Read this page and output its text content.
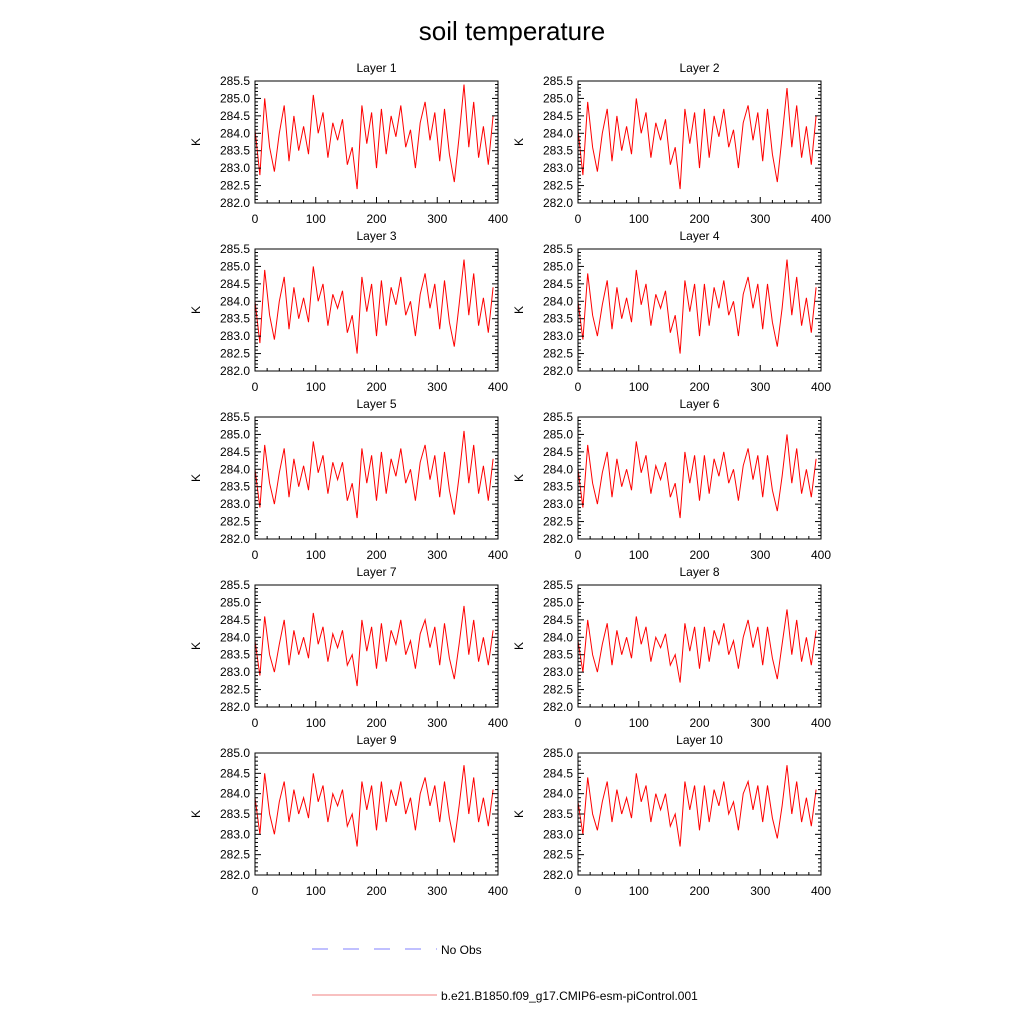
soil temperature
Layer 1
K
282.0
282.5
283.0
283.5
284.0
284.5
285.0
285.5
0	100	200	300	400
Layer 2
K
282.0
282.5
283.0
283.5
284.0
284.5
285.0
285.5
0	100	200	300	400
Layer 3
K
282.0
282.5
283.0
283.5
284.0
284.5
285.0
285.5
0	100	200	300	400
Layer 4
K
282.0
282.5
283.0
283.5
284.0
284.5
285.0
285.5
0	100	200	300	400
Layer 5
K
282.0
282.5
283.0
283.5
284.0
284.5
285.0
285.5
0	100	200	300	400
Layer 6
K
282.0
282.5
283.0
283.5
284.0
284.5
285.0
285.5
0	100	200	300	400
Layer 7
K
282.0
282.5
283.0
283.5
284.0
284.5
285.0
285.5
0	100	200	300	400
Layer 8
K
282.0
282.5
283.0
283.5
284.0
284.5
285.0
285.5
0	100	200	300	400
Layer 9
K
282.0
282.5
283.0
283.5
284.0
284.5
285.0
0	100	200	300	400
Layer 10
K
282.0
282.5
283.0
283.5
284.0
284.5
285.0
0	100	200	300	400
No Obs
b.e21.B1850.f09_g17.CMIP6-esm-piControl.001
